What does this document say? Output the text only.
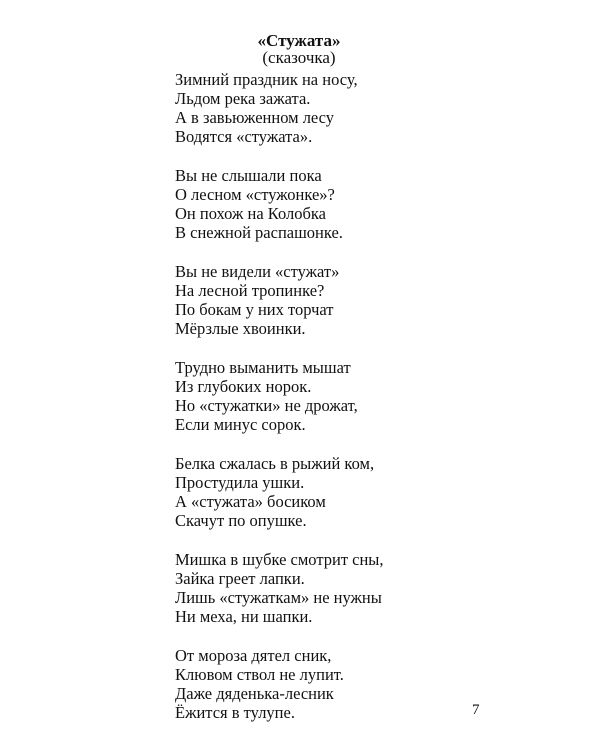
«Стужата»
(сказочка)
Зимний праздник на носу,
Льдом река зажата.
А в завьюженном лесу
Водятся «стужата».
Вы не слышали пока
О лесном «стужонке»?
Он похож на Колобка
В снежной распашонке.
Вы не видели «стужат»
На лесной тропинке?
По бокам у них торчат
Мёрзлые хвоинки.
Трудно выманить мышат
Из глубоких норок.
Но «стужатки» не дрожат,
Если минус сорок.
Белка сжалась в рыжий ком,
Простудила ушки.
А «стужата» босиком
Скачут по опушке.
Мишка в шубке смотрит сны,
Зайка греет лапки.
Лишь «стужаткам» не нужны
Ни меха, ни шапки.
От мороза дятел сник,
Клювом ствол не лупит.
Даже дяденька-лесник
Ёжится в тулупе.	7
